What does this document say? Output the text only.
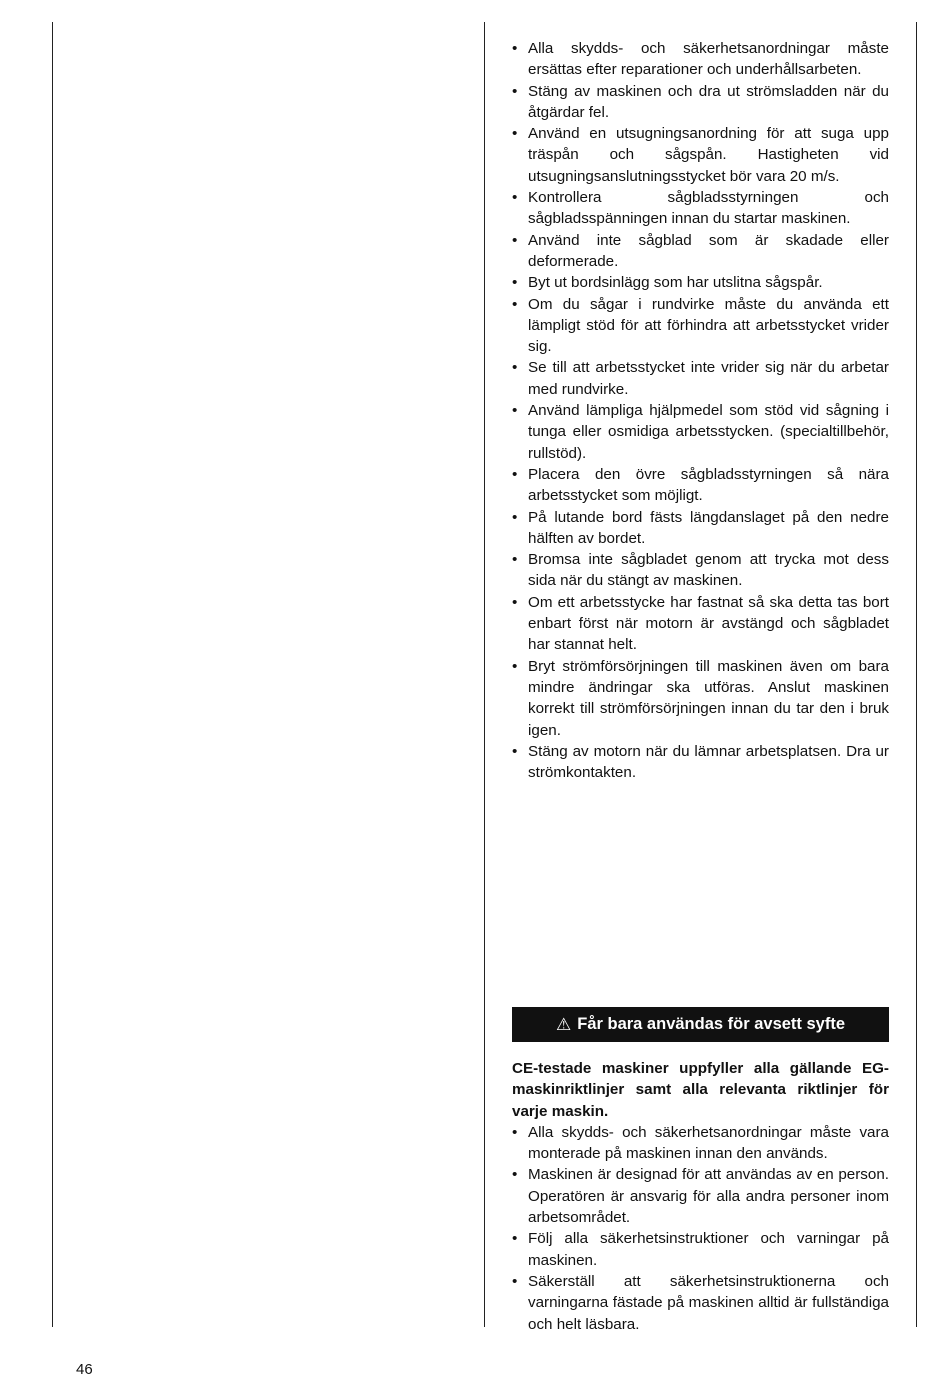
• Alla skydds- och säkerhetsanordningar måste ersättas efter reparationer och underhållsarbeten.
• Stäng av maskinen och dra ut strömsladden när du åtgärdar fel.
• Använd en utsugningsanordning för att suga upp träspån och sågspån. Hastigheten vid utsugningsanslutningsstycket bör vara 20 m/s.
• Kontrollera sågbladsstyrningen och sågbladsspänningen innan du startar maskinen.
• Använd inte sågblad som är skadade eller deformerade.
• Byt ut bordsinlägg som har utslitna sågspår.
• Om du sågar i rundvirke måste du använda ett lämpligt stöd för att förhindra att arbetsstycket vrider sig.
• Se till att arbetsstycket inte vrider sig när du arbetar med rundvirke.
• Använd lämpliga hjälpmedel som stöd vid sågning i tunga eller osmidiga arbetsstycken. (specialtillbehör, rullstöd).
• Placera den övre sågbladsstyrningen så nära arbetsstycket som möjligt.
• På lutande bord fästs längdanslaget på den nedre hälften av bordet.
• Bromsa inte sågbladet genom att trycka mot dess sida när du stängt av maskinen.
• Om ett arbetsstycke har fastnat så ska detta tas bort enbart först när motorn är avstängd och sågbladet har stannat helt.
• Bryt strömförsörjningen till maskinen även om bara mindre ändringar ska utföras. Anslut maskinen korrekt till strömförsörjningen innan du tar den i bruk igen.
• Stäng av motorn när du lämnar arbetsplatsen. Dra ur strömkontakten.
⚠ Får bara användas för avsett syfte

CE-testade maskiner uppfyller alla gällande EG-maskinriktlinjer samt alla relevanta riktlinjer för varje maskin.

• Alla skydds- och säkerhetsanordningar måste vara monterade på maskinen innan den används.
• Maskinen är designad för att användas av en person. Operatören är ansvarig för alla andra personer inom arbetsområdet.
• Följ alla säkerhetsinstruktioner och varningar på maskinen.
• Säkerställ att säkerhetsinstruktionerna och varningarna fästade på maskinen alltid är fullständiga och helt läsbara.
46
